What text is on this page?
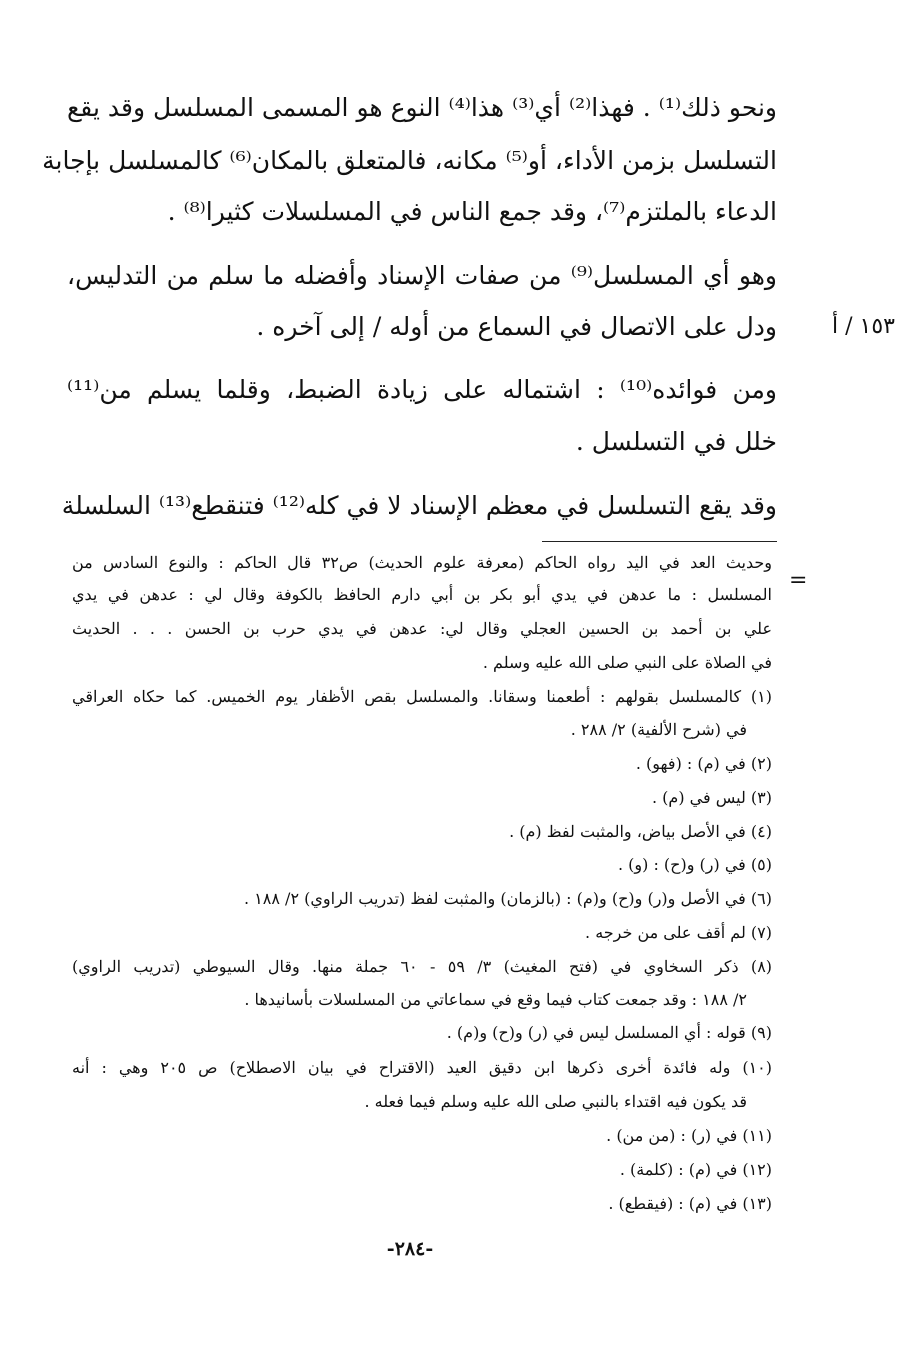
ونحو ذلك⁽¹⁾ . فهذا⁽²⁾ أي⁽³⁾ هذا⁽⁴⁾ النوع هو المسمى المسلسل وقد يقع
التسلسل بزمن الأداء، أو⁽⁵⁾ مكانه، فالمتعلق بالمكان⁽⁶⁾ كالمسلسل بإجابة
الدعاء بالملتزم⁽⁷⁾، وقد جمع الناس في المسلسلات كثيرا⁽⁸⁾ .
وهو أي المسلسل⁽⁹⁾ من صفات الإسناد وأفضله ما سلم من التدليس،
ودل على الاتصال في السماع من أوله / إلى آخره .
ومن فوائده⁽¹⁰⁾ : اشتماله على زيادة الضبط، وقلما يسلم من⁽¹¹⁾
خلل في التسلسل .
وقد يقع التسلسل في معظم الإسناد لا في كله⁽¹²⁾ فتنقطع⁽¹³⁾ السلسلة
١٥٣ / أ
=
وحديث العد في اليد رواه الحاكم (معرفة علوم الحديث) ص٣٢ قال الحاكم : والنوع السادس من
المسلسل : ما عدهن في يدي أبو بكر بن أبي دارم الحافظ بالكوفة وقال لي : عدهن في يدي
علي بن أحمد بن الحسين العجلي وقال لي: عدهن في يدي حرب بن الحسن . . . الحديث
في الصلاة على النبي صلى الله عليه وسلم .
(١) كالمسلسل بقولهم : أطعمنا وسقانا. والمسلسل بقص الأظفار يوم الخميس. كما حكاه العراقي
في (شرح الألفية) ٢/ ٢٨٨ .
(٢) في (م) : (فهو) .
(٣) ليس في (م) .
(٤) في الأصل بياض، والمثبت لفظ (م) .
(٥) في (ر) و(ح) : (و) .
(٦) في الأصل و(ر) و(ح) و(م) : (بالزمان) والمثبت لفظ (تدريب الراوي) ٢/ ١٨٨ .
(٧) لم أقف على من خرجه .
(٨) ذكر السخاوي في (فتح المغيث) ٣/ ٥٩ - ٦٠ جملة منها. وقال السيوطي (تدريب الراوي)
٢/ ١٨٨ : وقد جمعت كتاب فيما وقع في سماعاتي من المسلسلات بأسانيدها .
(٩) قوله : أي المسلسل ليس في (ر) و(ح) و(م) .
(١٠) وله فائدة أخرى ذكرها ابن دقيق العيد (الاقتراح في بيان الاصطلاح) ص ٢٠٥ وهي : أنه
قد يكون فيه اقتداء بالنبي صلى الله عليه وسلم فيما فعله .
(١١) في (ر) : (من من) .
(١٢) في (م) : (كلمة) .
(١٣) في (م) : (فيقطع) .
-٢٨٤-
